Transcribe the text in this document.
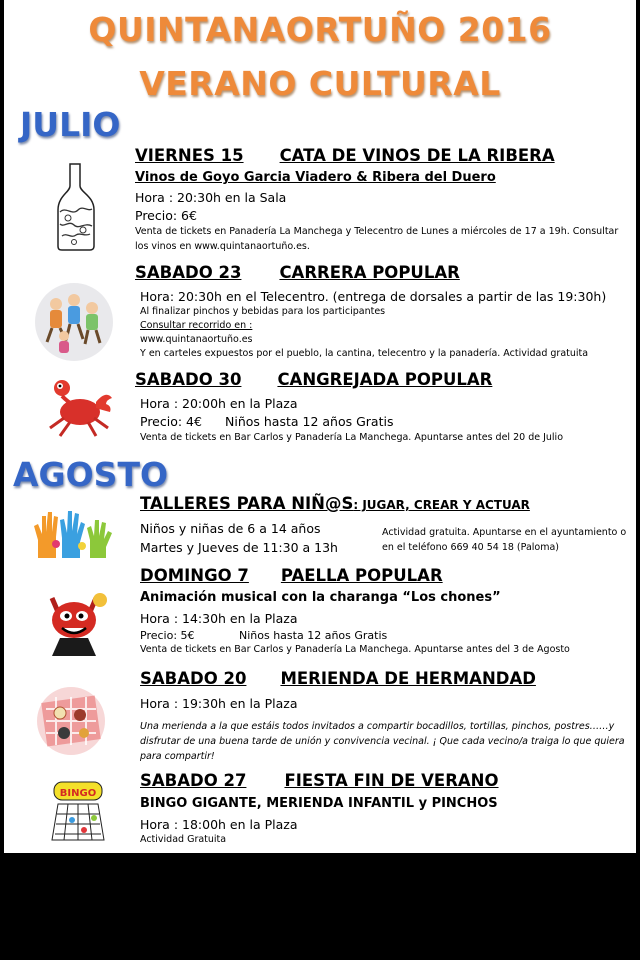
QUINTANAORTUÑO 2016
VERANO CULTURAL
JULIO
VIERNES 15 CATA DE VINOS DE LA RIBERA
Vinos de Goyo Garcia Viadero & Ribera del Duero
Hora : 20:30h en la Sala
Precio: 6€
Venta de tickets en Panadería La Manchega y Telecentro de Lunes a miércoles de 17 a 19h. Consultar
los vinos en www.quintanaortuño.es.
SABADO 23 CARRERA POPULAR
Hora: 20:30h en el Telecentro. (entrega de dorsales a partir de las 19:30h)
Al finalizar pinchos y bebidas para los participantes
Consultar recorrido en :
www.quintanaortuño.es
Y en carteles expuestos por el pueblo, la cantina, telecentro y la panadería. Actividad gratuita
SABADO 30 CANGREJADA POPULAR
Hora : 20:00h en la Plaza
Precio: 4€ Niños hasta 12 años Gratis
Venta de tickets en Bar Carlos y Panadería La Manchega. Apuntarse antes del 20 de Julio
AGOSTO
TALLERES PARA NIÑ@S: JUGAR, CREAR Y ACTUAR
Niños y niñas de 6 a 14 años
Martes y Jueves de 11:30 a 13h
Actividad gratuita. Apuntarse en el ayuntamiento o
en el teléfono 669 40 54 18 (Paloma)
DOMINGO 7 PAELLA POPULAR
Animación musical con la charanga “Los chones”
Hora : 14:30h en la Plaza
Precio: 5€	Niños hasta 12 años Gratis
Venta de tickets en Bar Carlos y Panadería La Manchega. Apuntarse antes del 3 de Agosto
SABADO 20 MERIENDA DE HERMANDAD
Hora : 19:30h en la Plaza
Una merienda a la que estáis todos invitados a compartir bocadillos, tortillas, pinchos, postres……y
disfrutar de una buena tarde de unión y convivencia vecinal. ¡ Que cada vecino/a traiga lo que quiera
para compartir!
BINGO
SABADO 27 FIESTA FIN DE VERANO
BINGO GIGANTE, MERIENDA INFANTIL y PINCHOS
Hora : 18:00h en la Plaza
Actividad Gratuita
